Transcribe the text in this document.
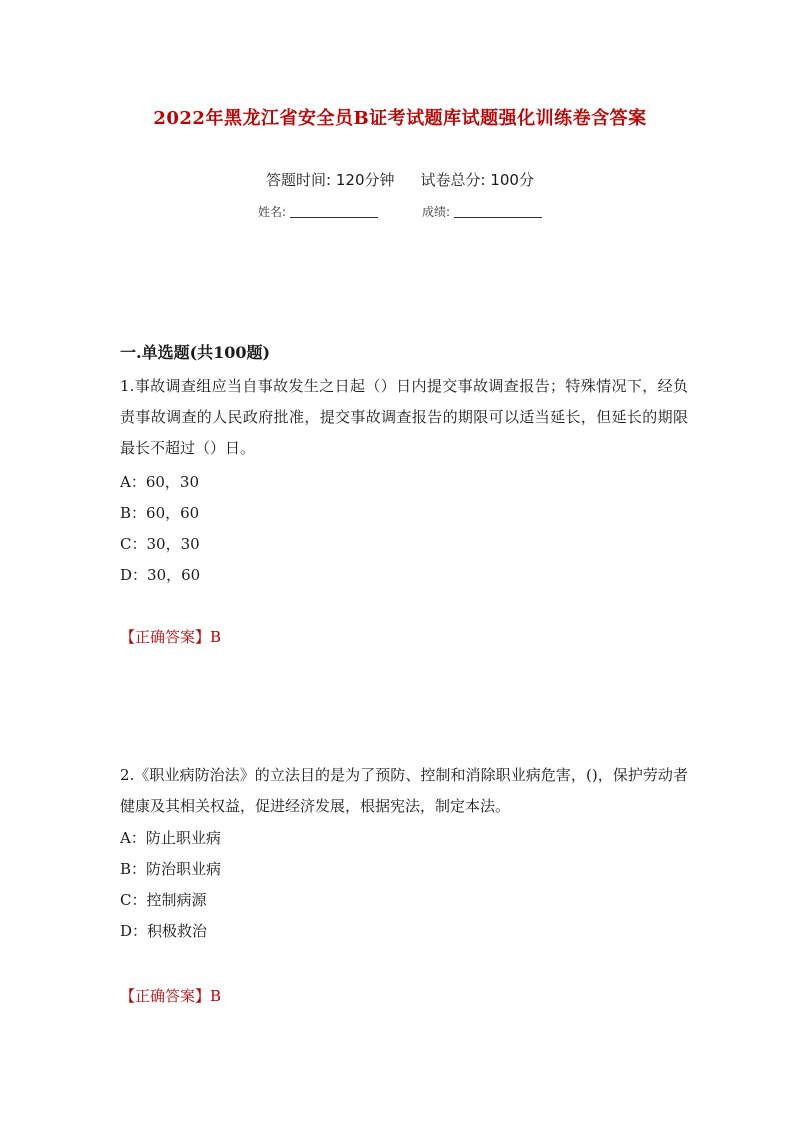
2022年黑龙江省安全员B证考试题库试题强化训练卷含答案
答题时间: 120分钟 试卷总分: 100分
姓名:	成绩:
一.单选题(共100题)
1.事故调查组应当自事故发生之日起（）日内提交事故调查报告；特殊情况下，经负责事故调查的人民政府批准，提交事故调查报告的期限可以适当延长，但延长的期限最长不超过（）日。
A：60，30
B：60，60
C：30，30
D：30，60
【正确答案】B
2.《职业病防治法》的立法目的是为了预防、控制和消除职业病危害，()，保护劳动者健康及其相关权益，促进经济发展，根据宪法，制定本法。
A：防止职业病
B：防治职业病
C：控制病源
D：积极救治
【正确答案】B
